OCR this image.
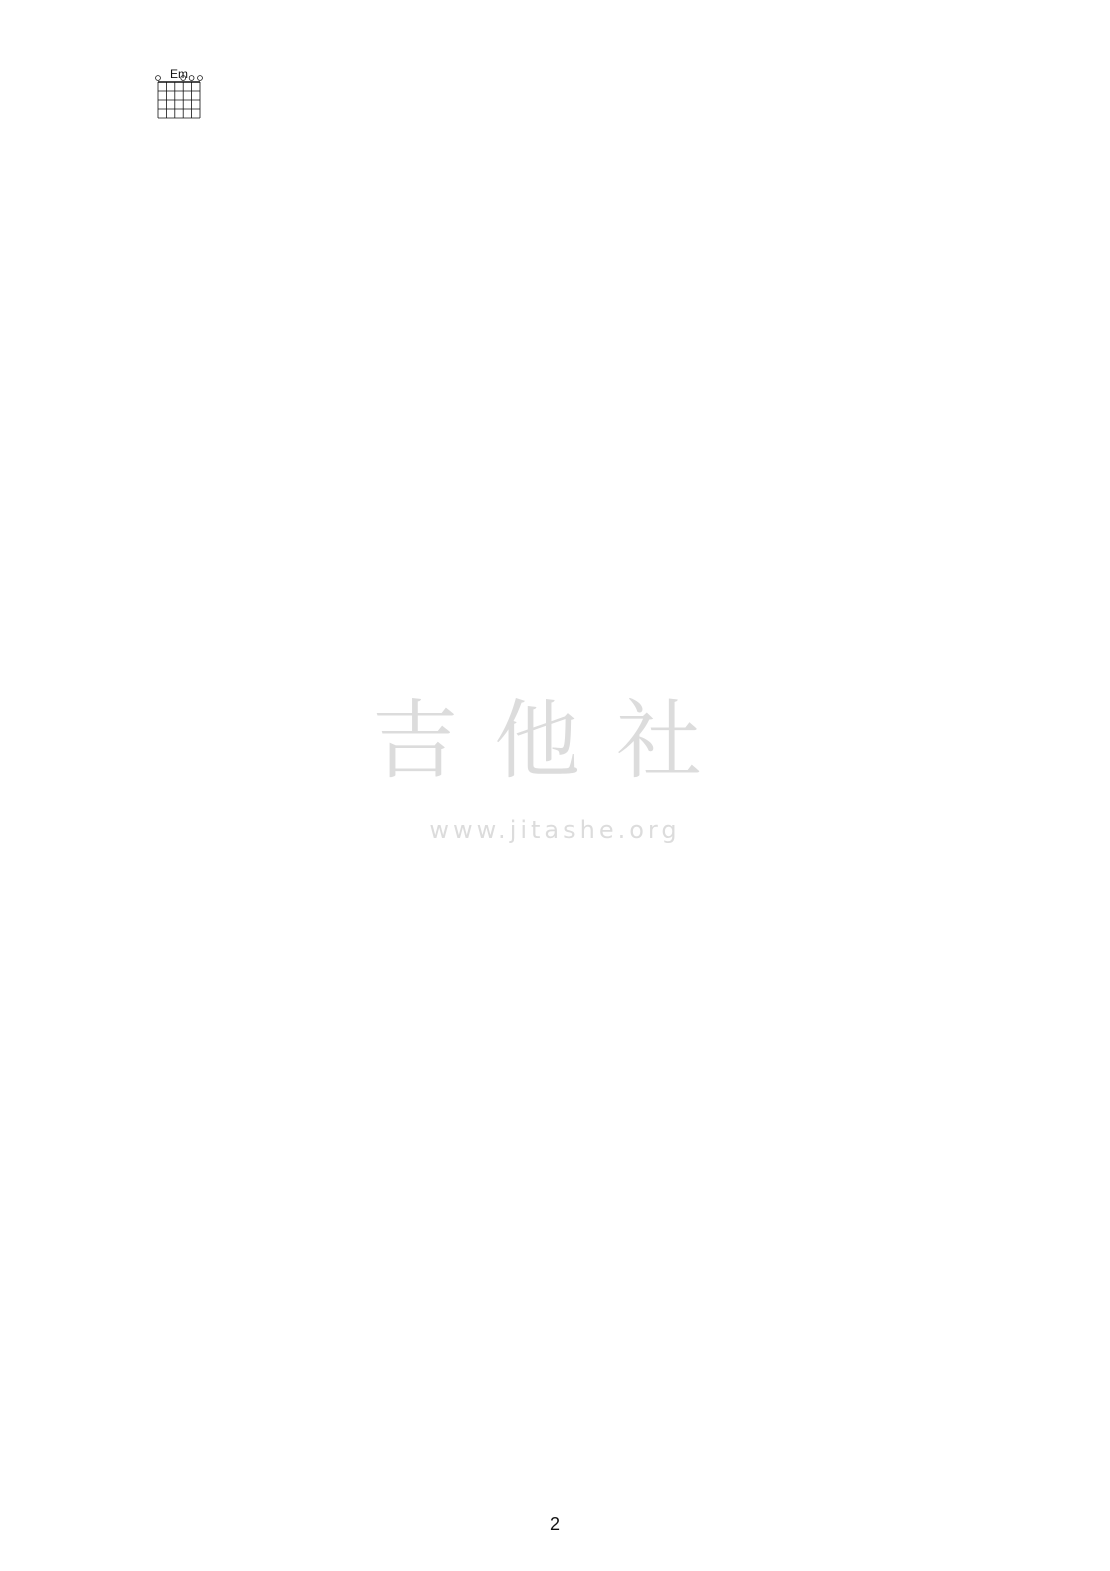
吉他社
www.jitashe.org
Em
2
